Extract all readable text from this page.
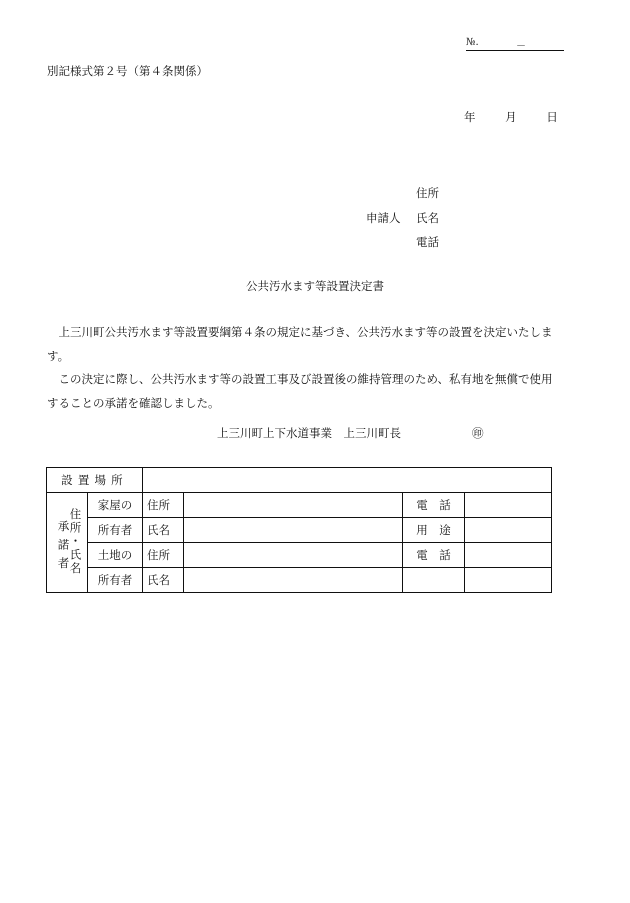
№.	－
別記様式第２号（第４条関係）
年	月	日
住所
申請人	氏名
電話
公共汚水ます等設置決定書

上三川町公共汚水ます等設置要綱第４条の規定に基づき、公共汚水ます等の設置を決定いたします。

この決定に際し、公共汚水ます等の設置工事及び設置後の維持管理のため、私有地を無償で使用することの承諾を確認しました。

上三川町上下水道事業　上三川町長	㊞
設置場所					

承諾者
住所・氏名	家屋の	住所		電　話	
	所有者	氏名		用　途	
	土地の	住所		電　話	
	所有者	氏名			
